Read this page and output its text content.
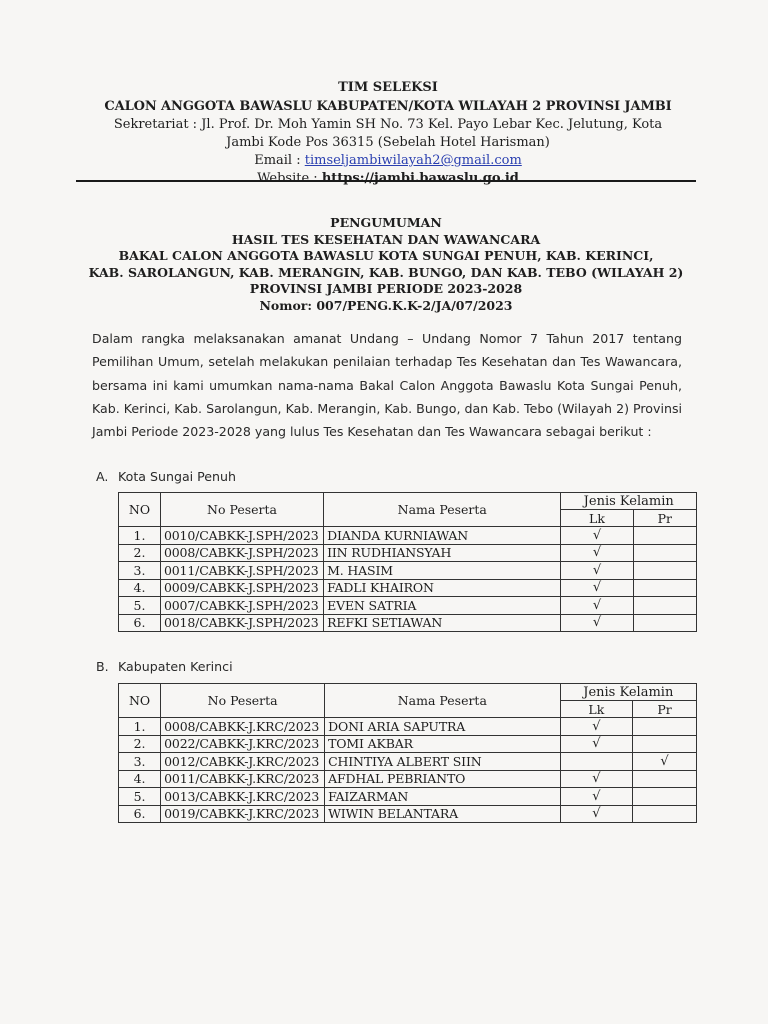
TIM SELEKSI
CALON ANGGOTA BAWASLU KABUPATEN/KOTA WILAYAH 2 PROVINSI JAMBI
Sekretariat : Jl. Prof. Dr. Moh Yamin SH No. 73 Kel. Payo Lebar Kec. Jelutung, Kota
Jambi Kode Pos 36315 (Sebelah Hotel Harisman)
Email : timseljambiwilayah2@gmail.com
Website : https://jambi.bawaslu.go.id
PENGUMUMAN
HASIL TES KESEHATAN DAN WAWANCARA
BAKAL CALON ANGGOTA BAWASLU KOTA SUNGAI PENUH, KAB. KERINCI,
KAB. SAROLANGUN, KAB. MERANGIN, KAB. BUNGO, DAN KAB. TEBO (WILAYAH 2)
PROVINSI JAMBI PERIODE 2023-2028
Nomor: 007/PENG.K.K-2/JA/07/2023
Dalam rangka melaksanakan amanat Undang – Undang Nomor 7 Tahun 2017 tentang Pemilihan Umum, setelah melakukan penilaian terhadap Tes Kesehatan dan Tes Wawancara, bersama ini kami umumkan nama-nama Bakal Calon Anggota Bawaslu Kota Sungai Penuh, Kab. Kerinci, Kab. Sarolangun, Kab. Merangin, Kab. Bungo, dan Kab. Tebo (Wilayah 2) Provinsi Jambi Periode 2023-2028 yang lulus Tes Kesehatan dan Tes Wawancara sebagai berikut :
A. Kota Sungai Penuh
NO	No Peserta	Nama Peserta	Jenis Kelamin	
			Lk	Pr
1.	0010/CABKK-J.SPH/2023	DIANDA KURNIAWAN	√	
2.	0008/CABKK-J.SPH/2023	IIN RUDHIANSYAH	√	
3.	0011/CABKK-J.SPH/2023	M. HASIM	√	
4.	0009/CABKK-J.SPH/2023	FADLI KHAIRON	√	
5.	0007/CABKK-J.SPH/2023	EVEN SATRIA	√	
6.	0018/CABKK-J.SPH/2023	REFKI SETIAWAN	√	
B. Kabupaten Kerinci
NO	No Peserta	Nama Peserta	Jenis Kelamin	
			Lk	Pr
1.	0008/CABKK-J.KRC/2023	DONI ARIA SAPUTRA	√	
2.	0022/CABKK-J.KRC/2023	TOMI AKBAR	√	
3.	0012/CABKK-J.KRC/2023	CHINTIYA ALBERT SIIN		√
4.	0011/CABKK-J.KRC/2023	AFDHAL PEBRIANTO	√	
5.	0013/CABKK-J.KRC/2023	FAIZARMAN	√	
6.	0019/CABKK-J.KRC/2023	WIWIN BELANTARA	√	
